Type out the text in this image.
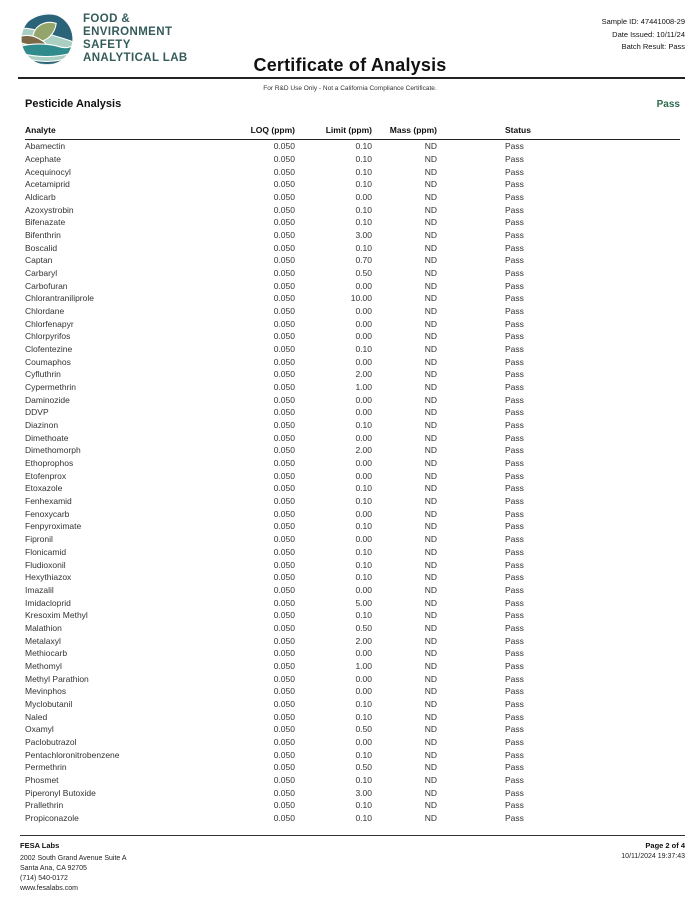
FOOD &
ENVIRONMENT
SAFETY
ANALYTICAL LAB
Sample ID: 47441008-29
Date Issued: 10/11/24
Batch Result: Pass
Certificate of Analysis
For R&D Use Only - Not a California Compliance Certificate.
Pesticide Analysis	Pass
Analyte	LOQ (ppm)	Limit (ppm)	Mass (ppm)	Status
Abamectin	0.050	0.10	ND	Pass
Acephate	0.050	0.10	ND	Pass
Acequinocyl	0.050	0.10	ND	Pass
Acetamiprid	0.050	0.10	ND	Pass
Aldicarb	0.050	0.00	ND	Pass
Azoxystrobin	0.050	0.10	ND	Pass
Bifenazate	0.050	0.10	ND	Pass
Bifenthrin	0.050	3.00	ND	Pass
Boscalid	0.050	0.10	ND	Pass
Captan	0.050	0.70	ND	Pass
Carbaryl	0.050	0.50	ND	Pass
Carbofuran	0.050	0.00	ND	Pass
Chlorantraniliprole	0.050	10.00	ND	Pass
Chlordane	0.050	0.00	ND	Pass
Chlorfenapyr	0.050	0.00	ND	Pass
Chlorpyrifos	0.050	0.00	ND	Pass
Clofentezine	0.050	0.10	ND	Pass
Coumaphos	0.050	0.00	ND	Pass
Cyfluthrin	0.050	2.00	ND	Pass
Cypermethrin	0.050	1.00	ND	Pass
Daminozide	0.050	0.00	ND	Pass
DDVP	0.050	0.00	ND	Pass
Diazinon	0.050	0.10	ND	Pass
Dimethoate	0.050	0.00	ND	Pass
Dimethomorph	0.050	2.00	ND	Pass
Ethoprophos	0.050	0.00	ND	Pass
Etofenprox	0.050	0.00	ND	Pass
Etoxazole	0.050	0.10	ND	Pass
Fenhexamid	0.050	0.10	ND	Pass
Fenoxycarb	0.050	0.00	ND	Pass
Fenpyroximate	0.050	0.10	ND	Pass
Fipronil	0.050	0.00	ND	Pass
Flonicamid	0.050	0.10	ND	Pass
Fludioxonil	0.050	0.10	ND	Pass
Hexythiazox	0.050	0.10	ND	Pass
Imazalil	0.050	0.00	ND	Pass
Imidacloprid	0.050	5.00	ND	Pass
Kresoxim Methyl	0.050	0.10	ND	Pass
Malathion	0.050	0.50	ND	Pass
Metalaxyl	0.050	2.00	ND	Pass
Methiocarb	0.050	0.00	ND	Pass
Methomyl	0.050	1.00	ND	Pass
Methyl Parathion	0.050	0.00	ND	Pass
Mevinphos	0.050	0.00	ND	Pass
Myclobutanil	0.050	0.10	ND	Pass
Naled	0.050	0.10	ND	Pass
Oxamyl	0.050	0.50	ND	Pass
Paclobutrazol	0.050	0.00	ND	Pass
Pentachloronitrobenzene	0.050	0.10	ND	Pass
Permethrin	0.050	0.50	ND	Pass
Phosmet	0.050	0.10	ND	Pass
Piperonyl Butoxide	0.050	3.00	ND	Pass
Prallethrin	0.050	0.10	ND	Pass
Propiconazole	0.050	0.10	ND	Pass
FESA Labs
2002 South Grand Avenue Suite A
Santa Ana, CA 92705
(714) 540-0172
www.fesalabs.com
Page 2 of 4
10/11/2024 19:37:43
